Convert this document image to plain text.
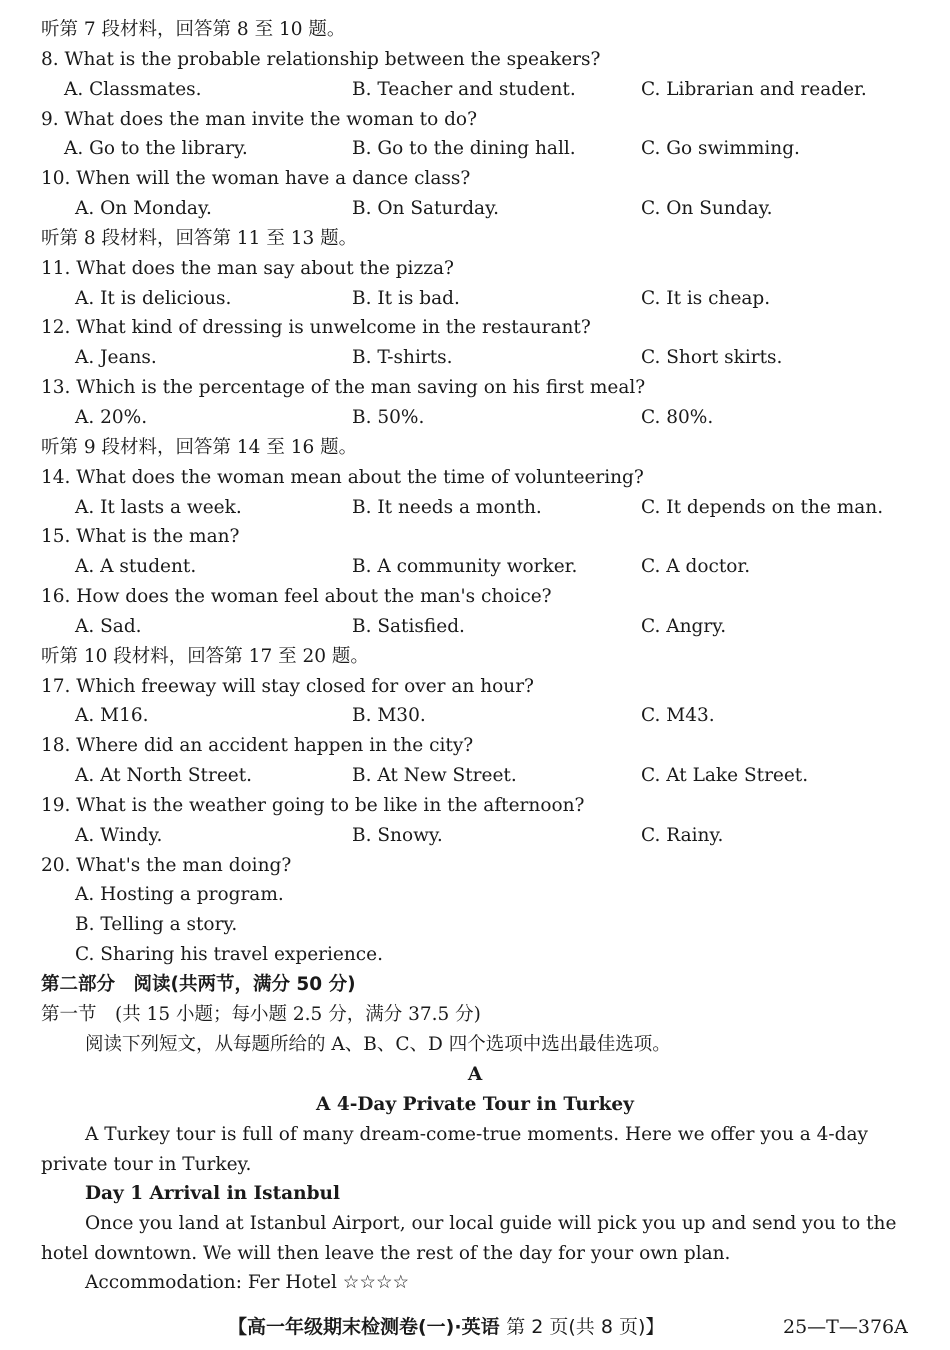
听第 7 段材料，回答第 8 至 10 题。
8. What is the probable relationship between the speakers?
A. Classmates.	B. Teacher and student.	C. Librarian and reader.
9. What does the man invite the woman to do?
A. Go to the library.	B. Go to the dining hall.	C. Go swimming.
10. When will the woman have a dance class?
A. On Monday.	B. On Saturday.	C. On Sunday.
听第 8 段材料，回答第 11 至 13 题。
11. What does the man say about the pizza?
A. It is delicious.	B. It is bad.	C. It is cheap.
12. What kind of dressing is unwelcome in the restaurant?
A. Jeans.	B. T-shirts.	C. Short skirts.
13. Which is the percentage of the man saving on his first meal?
A. 20%.	B. 50%.	C. 80%.
听第 9 段材料，回答第 14 至 16 题。
14. What does the woman mean about the time of volunteering?
A. It lasts a week.	B. It needs a month.	C. It depends on the man.
15. What is the man?
A. A student.	B. A community worker.	C. A doctor.
16. How does the woman feel about the man's choice?
A. Sad.	B. Satisfied.	C. Angry.
听第 10 段材料，回答第 17 至 20 题。
17. Which freeway will stay closed for over an hour?
A. M16.	B. M30.	C. M43.
18. Where did an accident happen in the city?
A. At North Street.	B. At New Street.	C. At Lake Street.
19. What is the weather going to be like in the afternoon?
A. Windy.	B. Snowy.	C. Rainy.
20. What's the man doing?
A. Hosting a program.
B. Telling a story.
C. Sharing his travel experience.
第二部分　阅读(共两节，满分 50 分)
第一节　(共 15 小题；每小题 2.5 分，满分 37.5 分)
阅读下列短文，从每题所给的 A、B、C、D 四个选项中选出最佳选项。
A
A 4-Day Private Tour in Turkey
A Turkey tour is full of many dream-come-true moments. Here we offer you a 4-day private tour in Turkey.
Day 1 Arrival in Istanbul
Once you land at Istanbul Airport, our local guide will pick you up and send you to the hotel downtown. We will then leave the rest of the day for your own plan.
Accommodation: Fer Hotel ☆☆☆☆
【高一年级期末检测卷(一)·英语 第 2 页(共 8 页)】	25—T—376A
